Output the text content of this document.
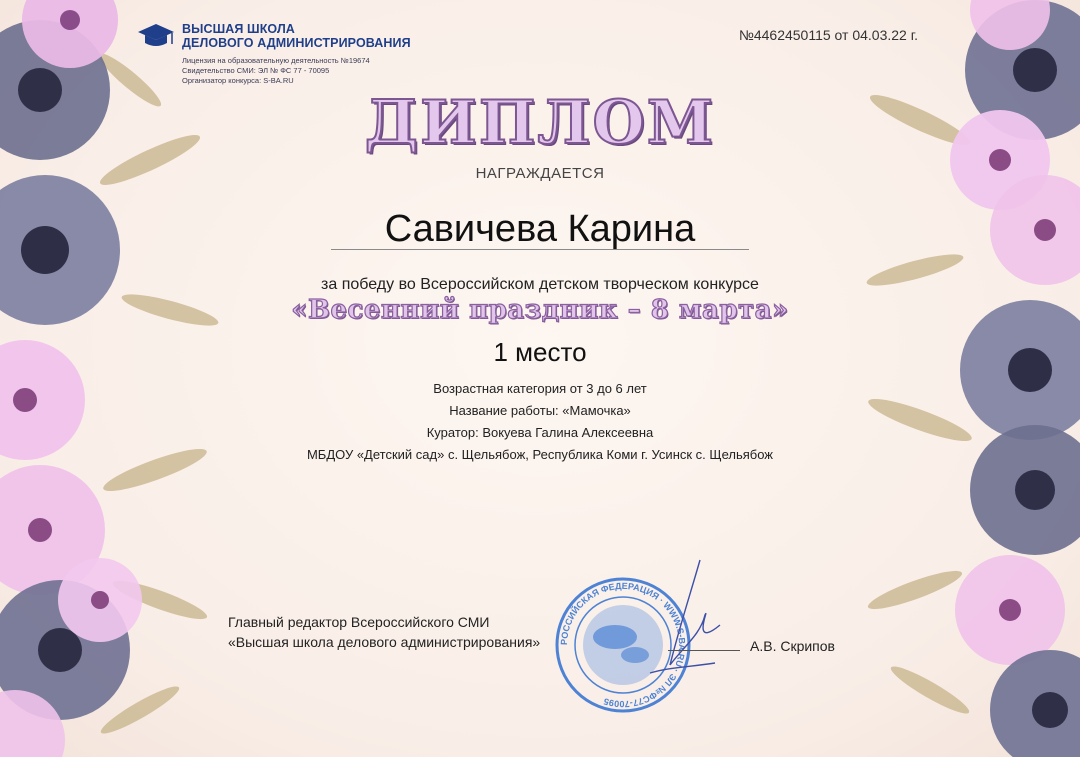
ВЫСШАЯ ШКОЛА
ДЕЛОВОГО АДМИНИСТРИРОВАНИЯ
Лицензия на образовательную деятельность №19674
Свидетельство СМИ: ЭЛ № ФС 77 - 70095
Организатор конкурса: S-BA.RU
№4462450115 от 04.03.22 г.
ДИПЛОМ
НАГРАЖДАЕТСЯ
Савичева Карина
за победу во Всероссийском детском творческом конкурсе
«Весенний праздник – 8 марта»
1 место
Возрастная категория от 3 до 6 лет
Название работы: «Мамочка»
Куратор: Вокуева Галина Алексеевна
МБДОУ «Детский сад» с. Щельябож, Республика Коми г. Усинск с. Щельябож
Главный редактор Всероссийского СМИ
«Высшая школа делового администрирования» РОССИЙСКАЯ ФЕДЕРАЦИЯ · WWW.S-BA.RU · ЭЛ №ФС77-70095
А.В. Скрипов
